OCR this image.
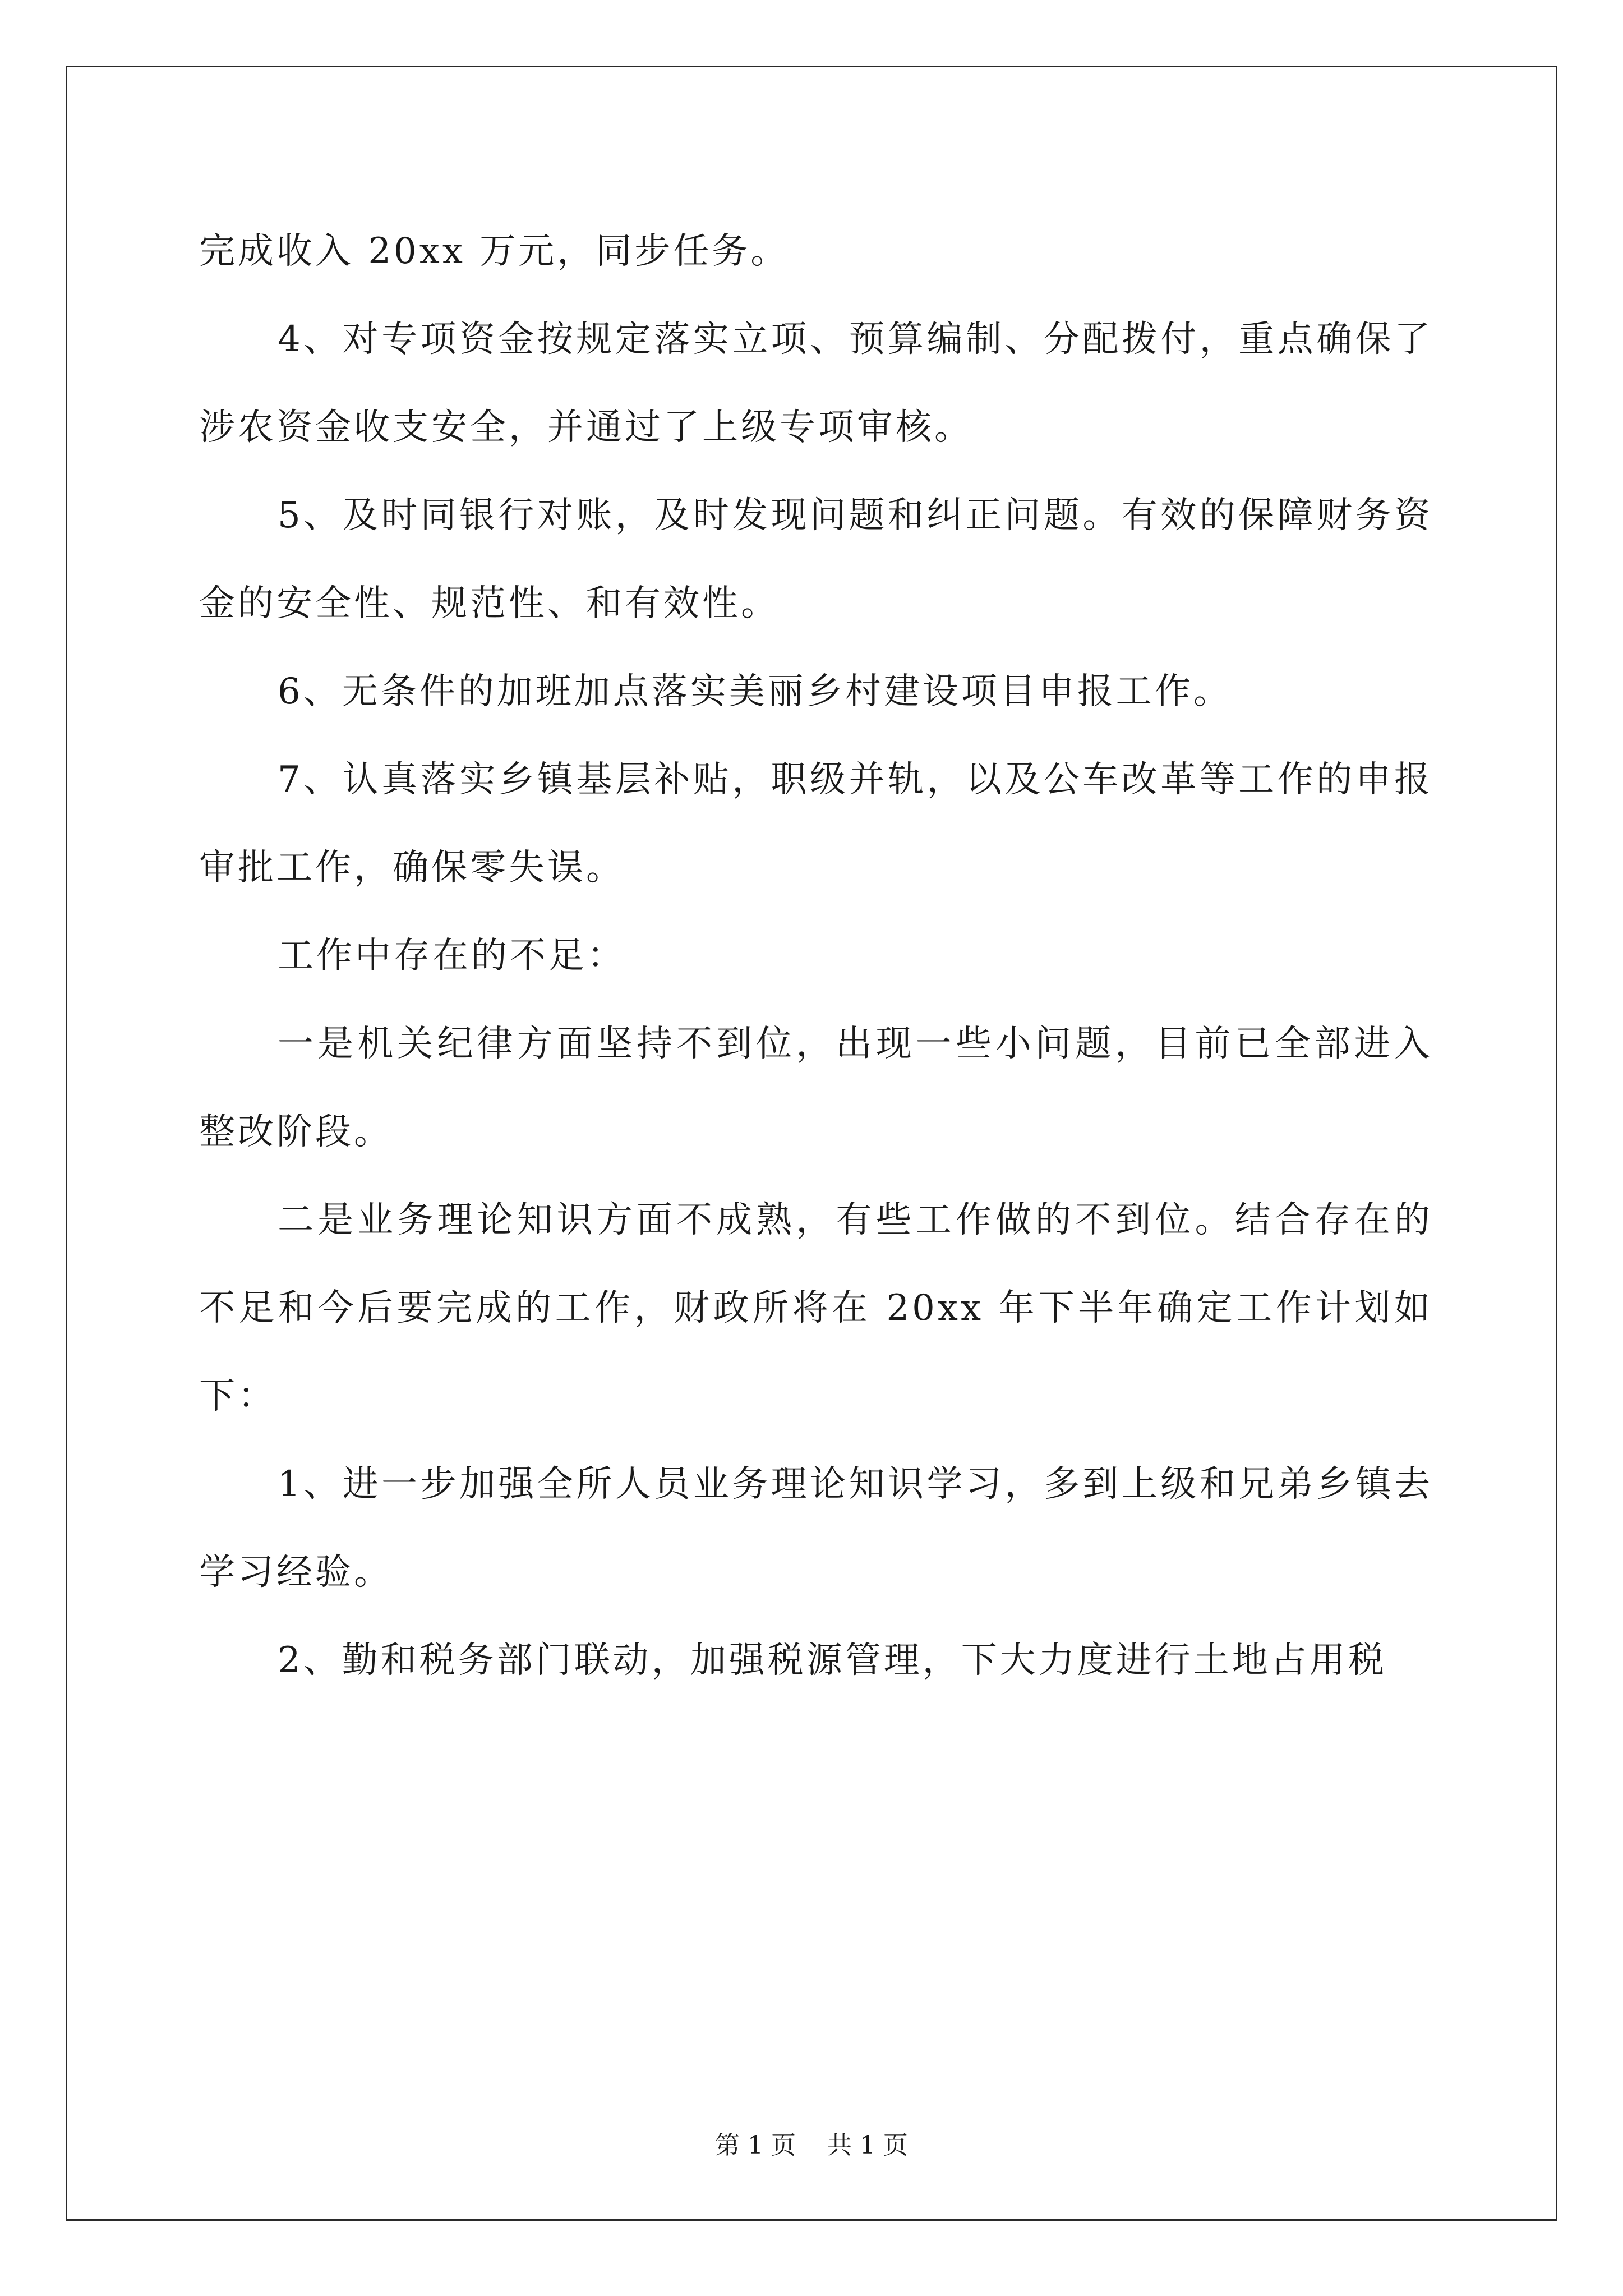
完成收入 20xx 万元，同步任务。

4、对专项资金按规定落实立项、预算编制、分配拨付，重点确保了涉农资金收支安全，并通过了上级专项审核。

5、及时同银行对账，及时发现问题和纠正问题。有效的保障财务资金的安全性、规范性、和有效性。

6、无条件的加班加点落实美丽乡村建设项目申报工作。

7、认真落实乡镇基层补贴，职级并轨，以及公车改革等工作的申报审批工作，确保零失误。

工作中存在的不足：

一是机关纪律方面坚持不到位，出现一些小问题，目前已全部进入整改阶段。

二是业务理论知识方面不成熟，有些工作做的不到位。结合存在的不足和今后要完成的工作，财政所将在 20xx 年下半年确定工作计划如下：

1、进一步加强全所人员业务理论知识学习，多到上级和兄弟乡镇去学习经验。

2、勤和税务部门联动，加强税源管理，下大力度进行土地占用税

第 1 页    共 1 页
